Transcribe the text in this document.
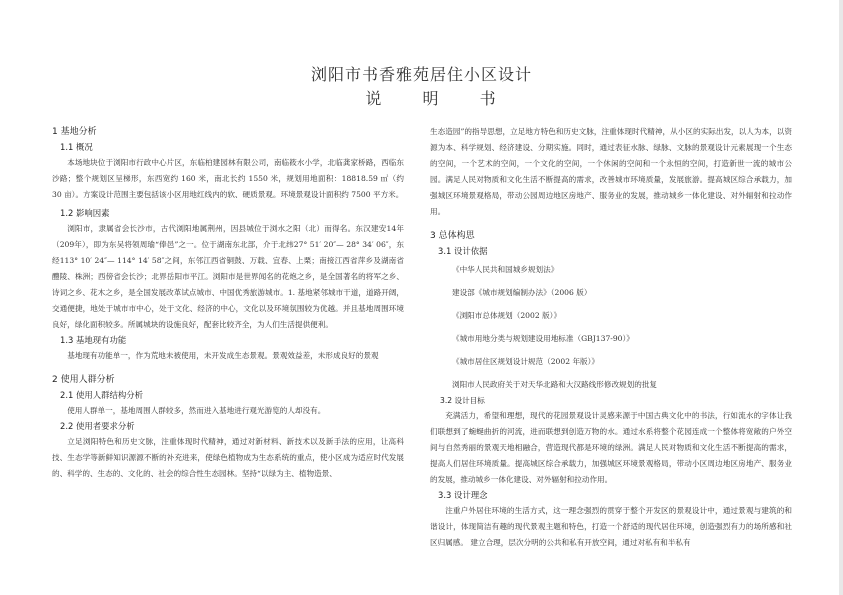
浏阳市书香雅苑居住小区设计
说 明 书
1 基地分析
1.1 概况

本场地块位于浏阳市行政中心片区，东临柏建园林有限公司，南临筱水小学，北临龚家桥路，西临东沙路；整个规划区呈梯形，东西宽约 160 米，南北长约 1550 米，规划用地面积：18818.59 ㎡（约 30 亩）。方案设计范围主要包括该小区用地红线内的软、硬质景观。环境景观设计面积约 7500 平方米。

1.2 影响因素

浏阳市，隶属省会长沙市，古代浏阳地属荆州，因县城位于浏水之阳（北）而得名。东汉建安14年（209年），即为东吴将领周瑜“俸邑”之一。位于湖南东北部，介于北纬27° 51′ 20″— 28° 34′ 06″，东经113° 10′ 24″— 114° 14′ 58″之间，东邻江西省铜鼓、万载、宜春、上栗；南接江西省萍乡及湖南省醴陵、株洲；西傍省会长沙；北界岳阳市平江。浏阳市是世界闻名的花炮之乡，是全国著名的将军之乡、诗词之乡、花木之乡，是全国发展改革试点城市、中国优秀旅游城市。1. 基地紧邻城市干道，道路开阔，交通便捷，地处于城市市中心，处于文化、经济的中心，文化以及环境氛围较为优越。并且基地周围环境良好，绿化面积较多。所属城块的设施良好，配套比较齐全，为人们生活提供便利。

1.3 基地现有功能

基地现有功能单一，作为荒地未被使用，未开发成生态景观。景观效益差，未形成良好的景观

2 使用人群分析
2.1 使用人群结构分析

使用人群单一，基地周围人群较多，然而进入基地进行观光游览的人却没有。

2.2 使用者要求分析

立足浏阳特色和历史文脉，注重体现时代精神，通过对新材料、新技术以及新手法的应用，让高科技、生态学等新鲜知识源源不断的补充进来，使绿色植物成为生态系统的重点，使小区成为适应时代发展的、科学的、生态的、文化的、社会的综合性生态园林。坚持“以绿为主、植物造景、

生态造园”的指导思想，立足地方特色和历史文脉，注重体现时代精神，从小区的实际出发，以人为本，以资源为本、科学规划、经济建设、分期实施。同时，通过表征水脉、绿脉、文脉的景观设计元素展现一个生态的空间，一个艺术的空间，一个文化的空间，一个休闲的空间和一个永恒的空间，打造新世一流的城市公园。满足人民对物质和文化生活不断提高的需求，改善城市环境质量，发展旅游。提高城区综合承载力，加强城区环境景观格局，带动公园周边地区房地产、服务业的发展，推动城乡一体化建设、对外辐射和拉动作用。

3 总体构思
3.1 设计依据

《中华人民共和国城乡规划法》

建设部《城市规划编制办法》（2006 版）

《浏阳市总体规划（2002 版）》

《城市用地分类与规划建设用地标准（GBJ137-90）》

《城市居住区规划设计规范（2002 年版）》

浏阳市人民政府关于对天华北路和大汉路线形修改规划的批复

3.2 设计目标

充满活力，希望和理想，现代的花园景观设计灵感来源于中国古典文化中的书法，行如流水的字体让我们联想到了蜿蜒曲折的河流，进而联想到创造万物的水。通过水系将整个花园连成一个整体将宽敞的户外空间与自然秀丽的景观天地相融合，营造现代都是环境的绿洲。满足人民对物质和文化生活不断提高的需求，提高人们居住环境质量。提高城区综合承载力，加强城区环境景观格局，带动小区周边地区房地产、服务业的发展，推动城乡一体化建设、对外辐射和拉动作用。

3.3 设计理念

注重户外居住环境的生活方式，这一理念强烈的贯穿于整个开发区的景观设计中，通过景观与建筑的和谐设计，体现简洁有趣的现代景观主题和特色，打造一个舒适的现代居住环境，创造强烈有力的场所感和社区归属感。 建立合理，层次分明的公共和私有开放空间，通过对私有和半私有
